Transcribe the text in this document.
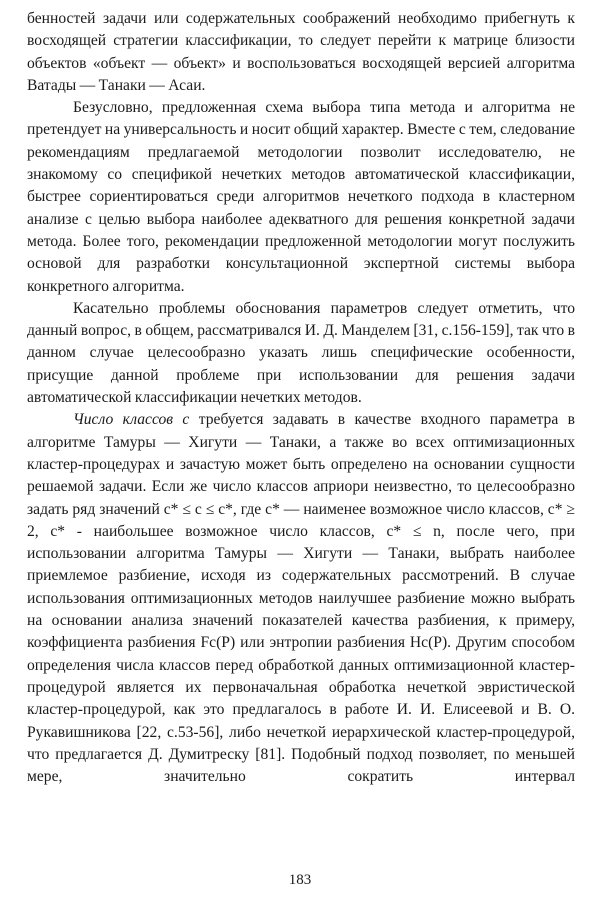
бенностей задачи или содержательных соображений необходимо прибегнуть к восходящей стратегии классификации, то следует перейти к матрице близости объектов «объект — объект» и воспользоваться восходящей версией алгоритма Ватады — Танаки — Асаи.

Безусловно, предложенная схема выбора типа метода и алгоритма не претендует на универсальность и носит общий характер. Вместе с тем, следование рекомендациям предлагаемой методологии позволит исследователю, не знакомому со спецификой нечетких методов автоматической классификации, быстрее сориентироваться среди алгоритмов нечеткого подхода в кластерном анализе с целью выбора наиболее адекватного для решения конкретной задачи метода. Более того, рекомендации предложенной методологии могут послужить основой для разработки консультационной экспертной системы выбора конкретного алгоритма.

Касательно проблемы обоснования параметров следует отметить, что данный вопрос, в общем, рассматривался И. Д. Манделем [31, с.156-159], так что в данном случае целесообразно указать лишь специфические особенности, присущие данной проблеме при использовании для решения задачи автоматической классификации нечетких методов.

Число классов c требуется задавать в качестве входного параметра в алгоритме Тамуры — Хигути — Танаки, а также во всех оптимизационных кластер-процедурах и зачастую может быть определено на основании сущности решаемой задачи. Если же число классов априори неизвестно, то целесообразно задать ряд значений c* ≤ c ≤ c*, где c* — наименее возможное число классов, c* ≥ 2, c* - наибольшее возможное число классов, c* ≤ n, после чего, при использовании алгоритма Тамуры — Хигути — Танаки, выбрать наиболее приемлемое разбиение, исходя из содержательных рассмотрений. В случае использования оптимизационных методов наилучшее разбиение можно выбрать на основании анализа значений показателей качества разбиения, к примеру, коэффициента разбиения Fc(P) или энтропии разбиения Hc(P). Другим способом определения числа классов перед обработкой данных оптимизационной кластер-процедурой является их первоначальная обработка нечеткой эвристической кластер-процедурой, как это предлагалось в работе И. И. Елисеевой и В. О. Рукавишникова [22, с.53-56], либо нечеткой иерархической кластер-процедурой, что предлагается Д. Думитреску [81]. Подобный подход позволяет, по меньшей мере, значительно сократить интервал

183
